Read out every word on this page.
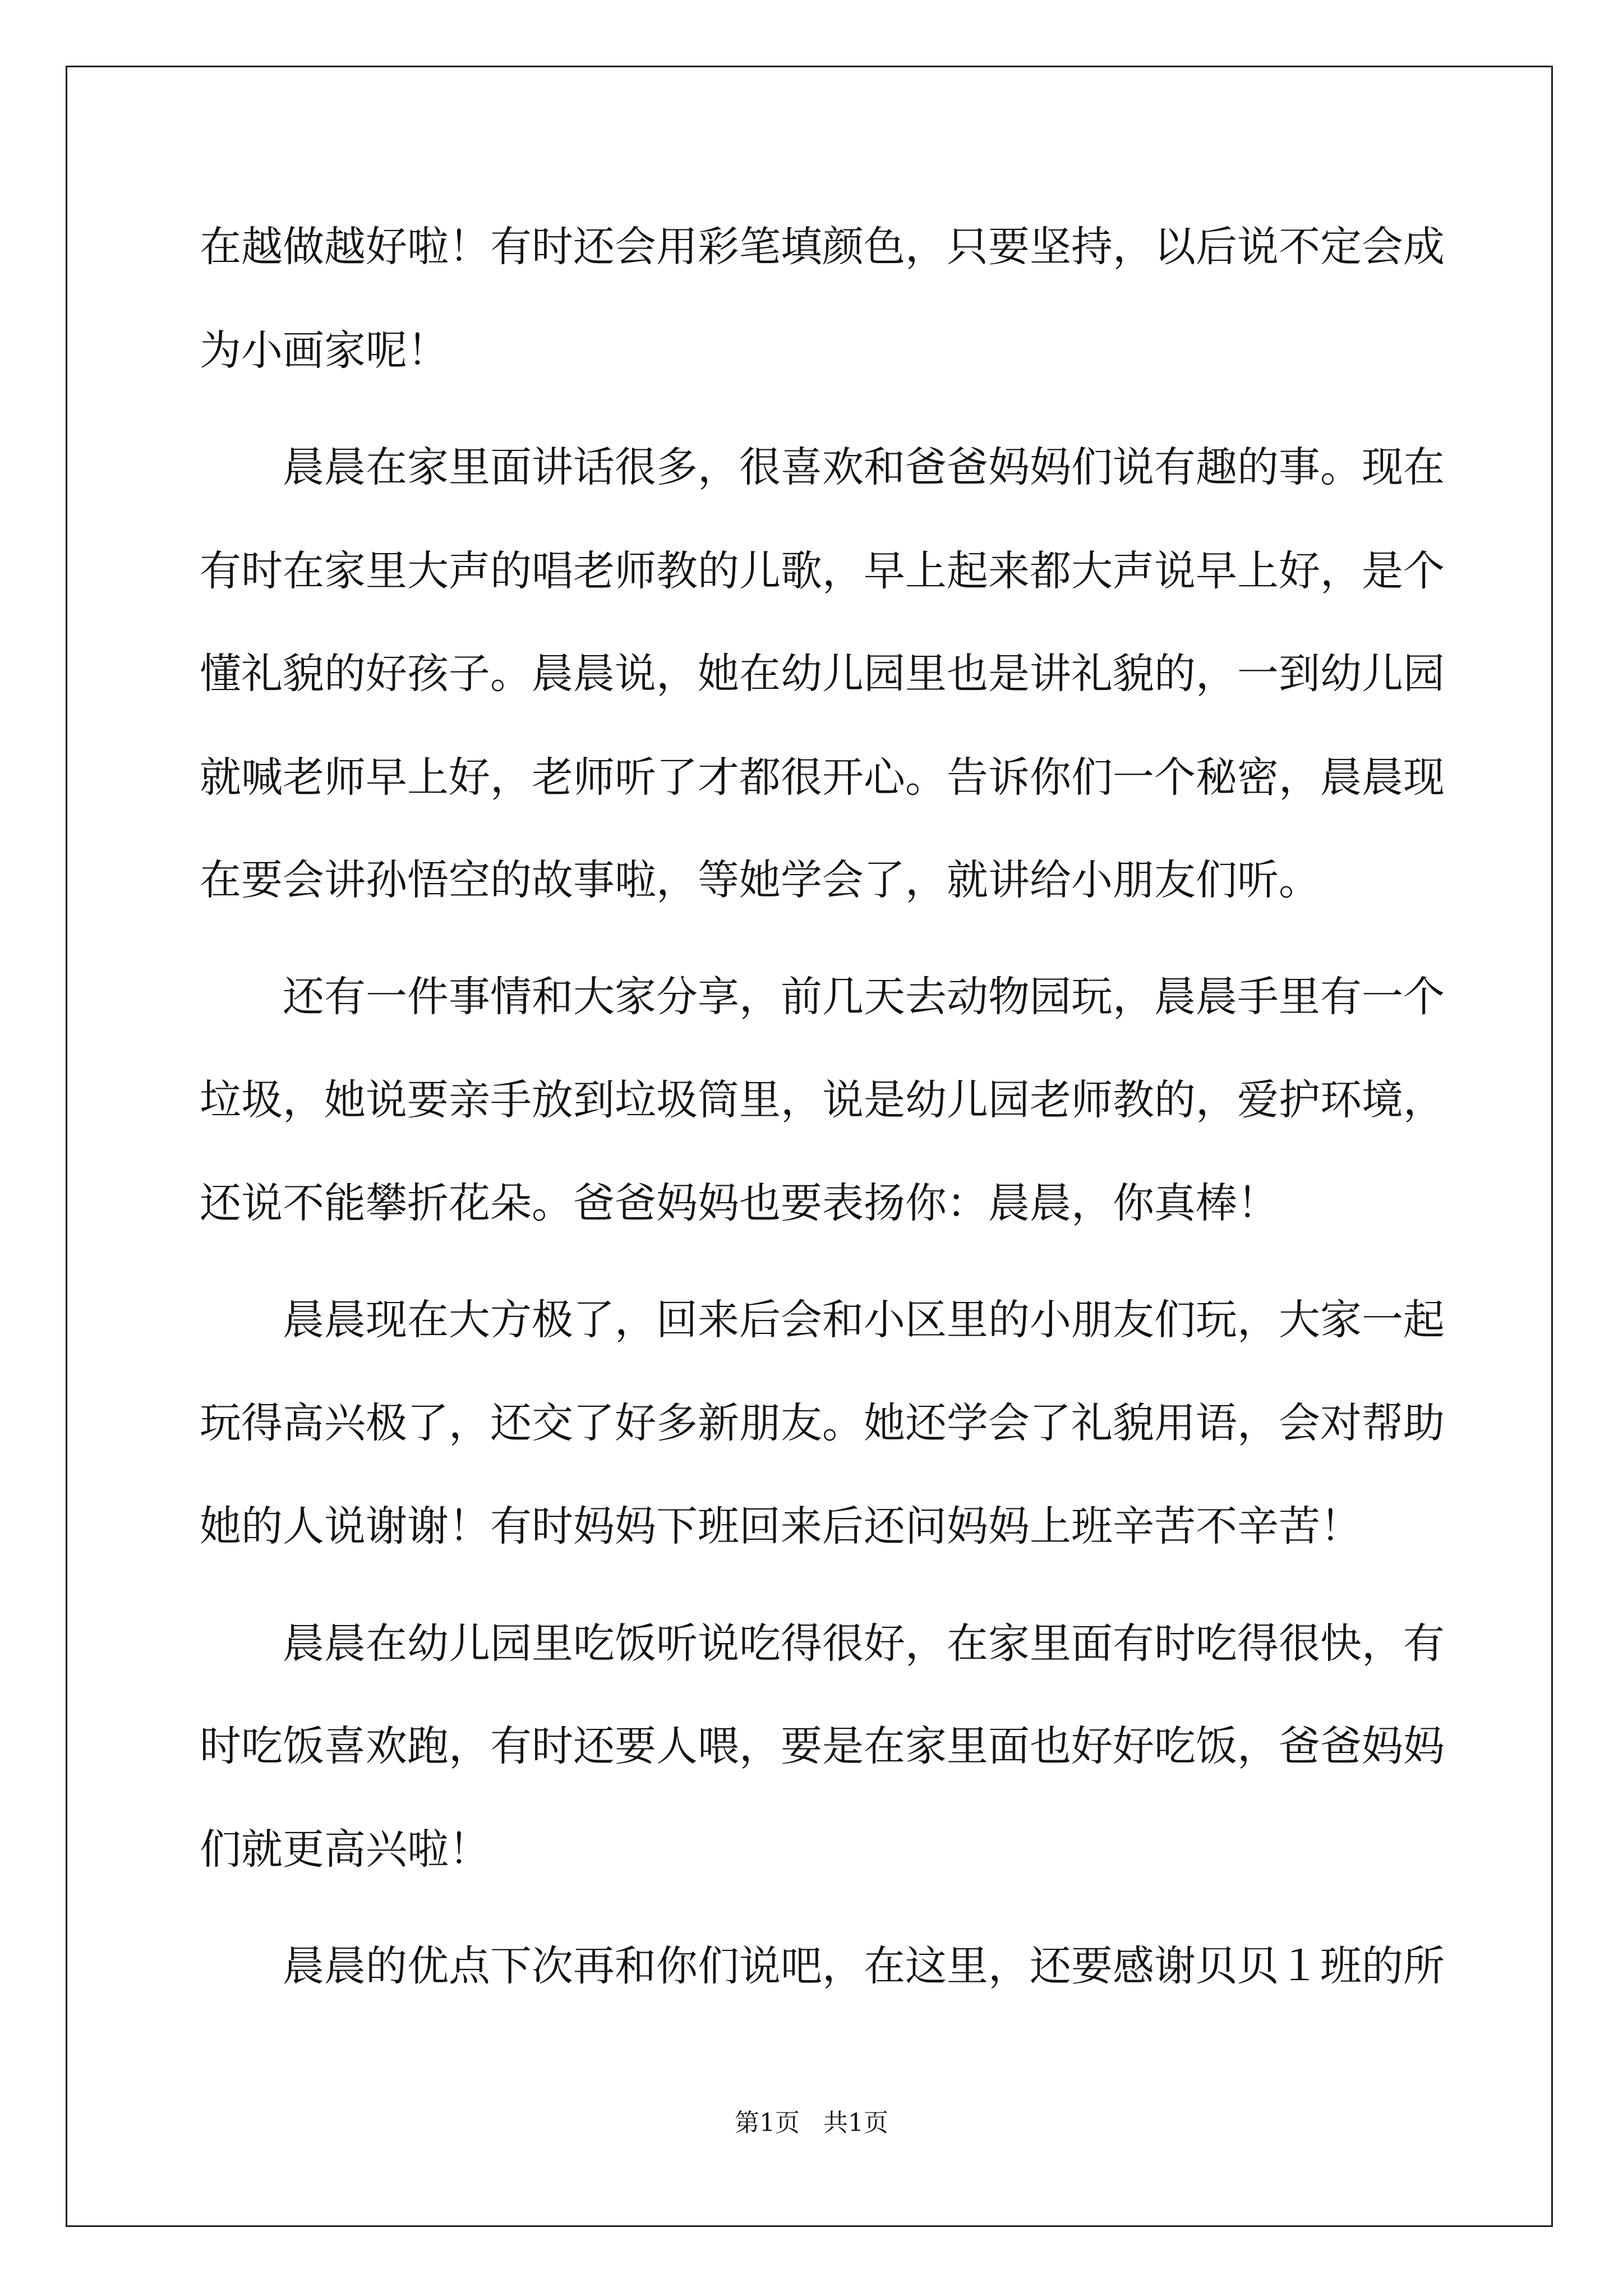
在越做越好啦！有时还会用彩笔填颜色，只要坚持，以后说不定会成
为小画家呢！
晨晨在家里面讲话很多，很喜欢和爸爸妈妈们说有趣的事。现在
有时在家里大声的唱老师教的儿歌，早上起来都大声说早上好，是个
懂礼貌的好孩子。晨晨说，她在幼儿园里也是讲礼貌的，一到幼儿园
就喊老师早上好，老师听了才都很开心。告诉你们一个秘密，晨晨现
在要会讲孙悟空的故事啦，等她学会了，就讲给小朋友们听。
还有一件事情和大家分享，前几天去动物园玩，晨晨手里有一个
垃圾，她说要亲手放到垃圾筒里，说是幼儿园老师教的，爱护环境，
还说不能攀折花朵。爸爸妈妈也要表扬你：晨晨，你真棒！
晨晨现在大方极了，回来后会和小区里的小朋友们玩，大家一起
玩得高兴极了，还交了好多新朋友。她还学会了礼貌用语，会对帮助
她的人说谢谢！有时妈妈下班回来后还问妈妈上班辛苦不辛苦！
晨晨在幼儿园里吃饭听说吃得很好，在家里面有时吃得很快，有
时吃饭喜欢跑，有时还要人喂，要是在家里面也好好吃饭，爸爸妈妈
们就更高兴啦！
晨晨的优点下次再和你们说吧，在这里，还要感谢贝贝１班的所
第1页   共1页
